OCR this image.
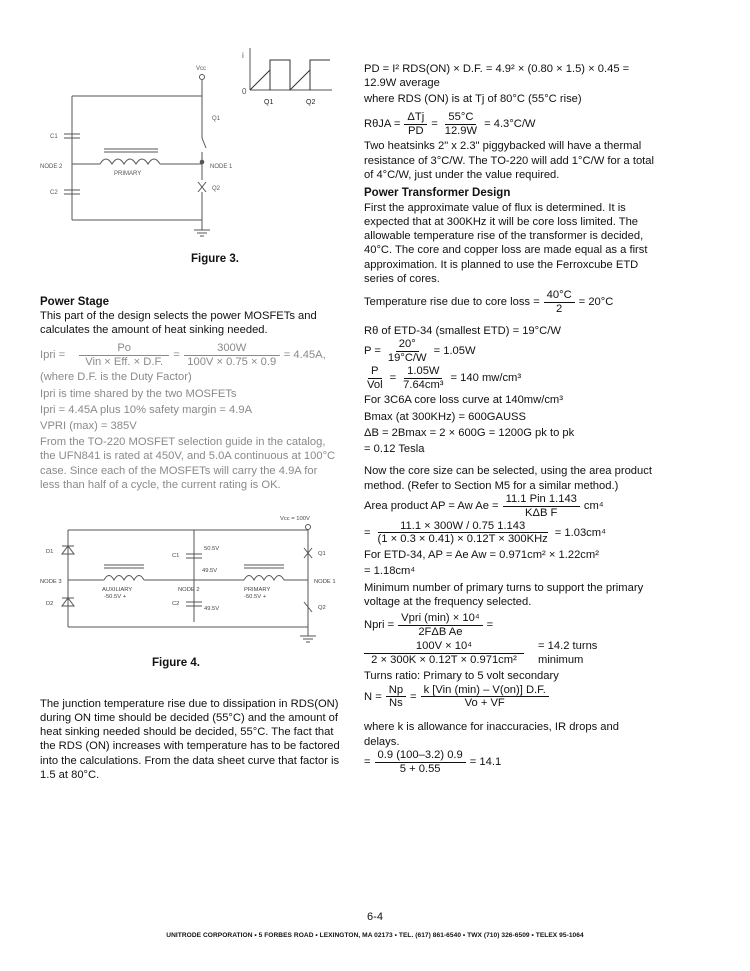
Vcc
C1
C2
NODE 2	NODE 1
Q1
Q2
PRIMARY
i
0
Q1	Q2
Figure 3.
Power Stage
This part of the design selects the power MOSFETs and calculates the amount of heat sinking needed.
Ipri = $\frac{Po}{\text{Vin × Eff. × D.F.}} = \frac{300W}{100V \times 0.75 \times 0.9} = 4.45A$,
(where D.F. is the Duty Factor)
Ipri is time shared by the two MOSFETs
Ipri = 4.45A plus 10% safety margin = 4.9A
VPRI (max) = 385V
From the TO-220 MOSFET selection guide in the catalog, the UFN841 is rated at 450V, and 5.0A continuous at 100°C case. Since each of the MOSFETs will carry the 4.9A for less than half of a cycle, the current rating is OK.
Vcc = 100V
D1
D2
C1
C2
NODE 3
NODE 2
NODE 1
Q1
Q2
AUXILIARY
-50.5V +
PRIMARY
-50.5V +
50.5V
49.5V
49.5V
Figure 4.
The junction temperature rise due to dissipation in RDS(ON) during ON time should be decided (55°C) and the amount of heat sinking needed should be decided, 55°C. The fact that the RDS (ON) increases with temperature has to be factored into the calculations. From the data sheet curve that factor is 1.5 at 80°C.
PD = I² RDS(ON) × D.F. = 4.9² × (0.80 × 1.5) × 0.45 = 12.9W average
where RDS (ON) is at Tj of 80°C (55°C rise)
$R\theta JA = \frac{\text{ΔTj}}{PD} = \frac{55^\circ C}{12.9W} = 4.3^\circ C/W$
Two heatsinks 2" x 2.3" piggybacked will have a thermal resistance of 3°C/W. The TO-220 will add 1°C/W for a total of 4°C/W, just under the value required.
Power Transformer Design
First the approximate value of flux is determined. It is expected that at 300KHz it will be core loss limited. The allowable temperature rise of the transformer is decided, 40°C. The core and copper loss are made equal as a first approximation. It is planned to use the Ferroxcube ETD series of cores.
Temperature rise due to core loss = $\frac{40^\circ C}{2} = 20^\circ C$
Rθ of ETD-34 (smallest ETD) = 19°C/W
$P = \frac{20^\circ}{19^\circ C/W} = 1.05W$
$\frac{P}{\text{Vol}} = \frac{1.05W}{\text{7.64cm³}} = 140$ mw/cm³
For 3C6A core loss curve at 140mw/cm³
Bmax (at 300KHz) = 600GAUSS
ΔB = 2Bmax = 2 × 600G = 1200G pk to pk
= 0.12 Tesla
Now the core size can be selected, using the area product method. (Refer to Section M5 for a similar method.)
Area product AP = Aw $Ae = \frac{\text{11.1 Pin 1.143}}{\text{KΔB F}} cm^4$
= $\frac{11.1 \times 300W / 0.75 1.143}{\text{(1 × 0.3 × 0.41) × 0.12T × 300KHz}} = 1.03cm^4$
For ETD-34, AP = Ae Aw = 0.971cm² × 1.22cm²
= 1.18cm⁴
Minimum number of primary turns to support the primary voltage at the frequency selected.
Npri = $\frac{\text{Vpri (min) × 10⁴}}{\text{2FΔB Ae}}$ =
$\frac{\text{100V × 10⁴}}{\text{2 × 300K × 0.12T × 0.971cm²}} = 14.2$ turns
minimum
Turns ratio: Primary to 5 volt secondary
$N = \frac{Np}{Ns} = \frac{\text{k [Vin (min) – V(on)] D.F.}}{Vo + VF}$
where k is allowance for inaccuracies, IR drops and delays.
= $\frac{0.9 (100-3.2) 0.9}{5 + 0.55} = 14.1$
6-4
UNITRODE CORPORATION • 5 FORBES ROAD • LEXINGTON, MA 02173 • TEL. (617) 861-6540 • TWX (710) 326-6509 • TELEX 95-1064
